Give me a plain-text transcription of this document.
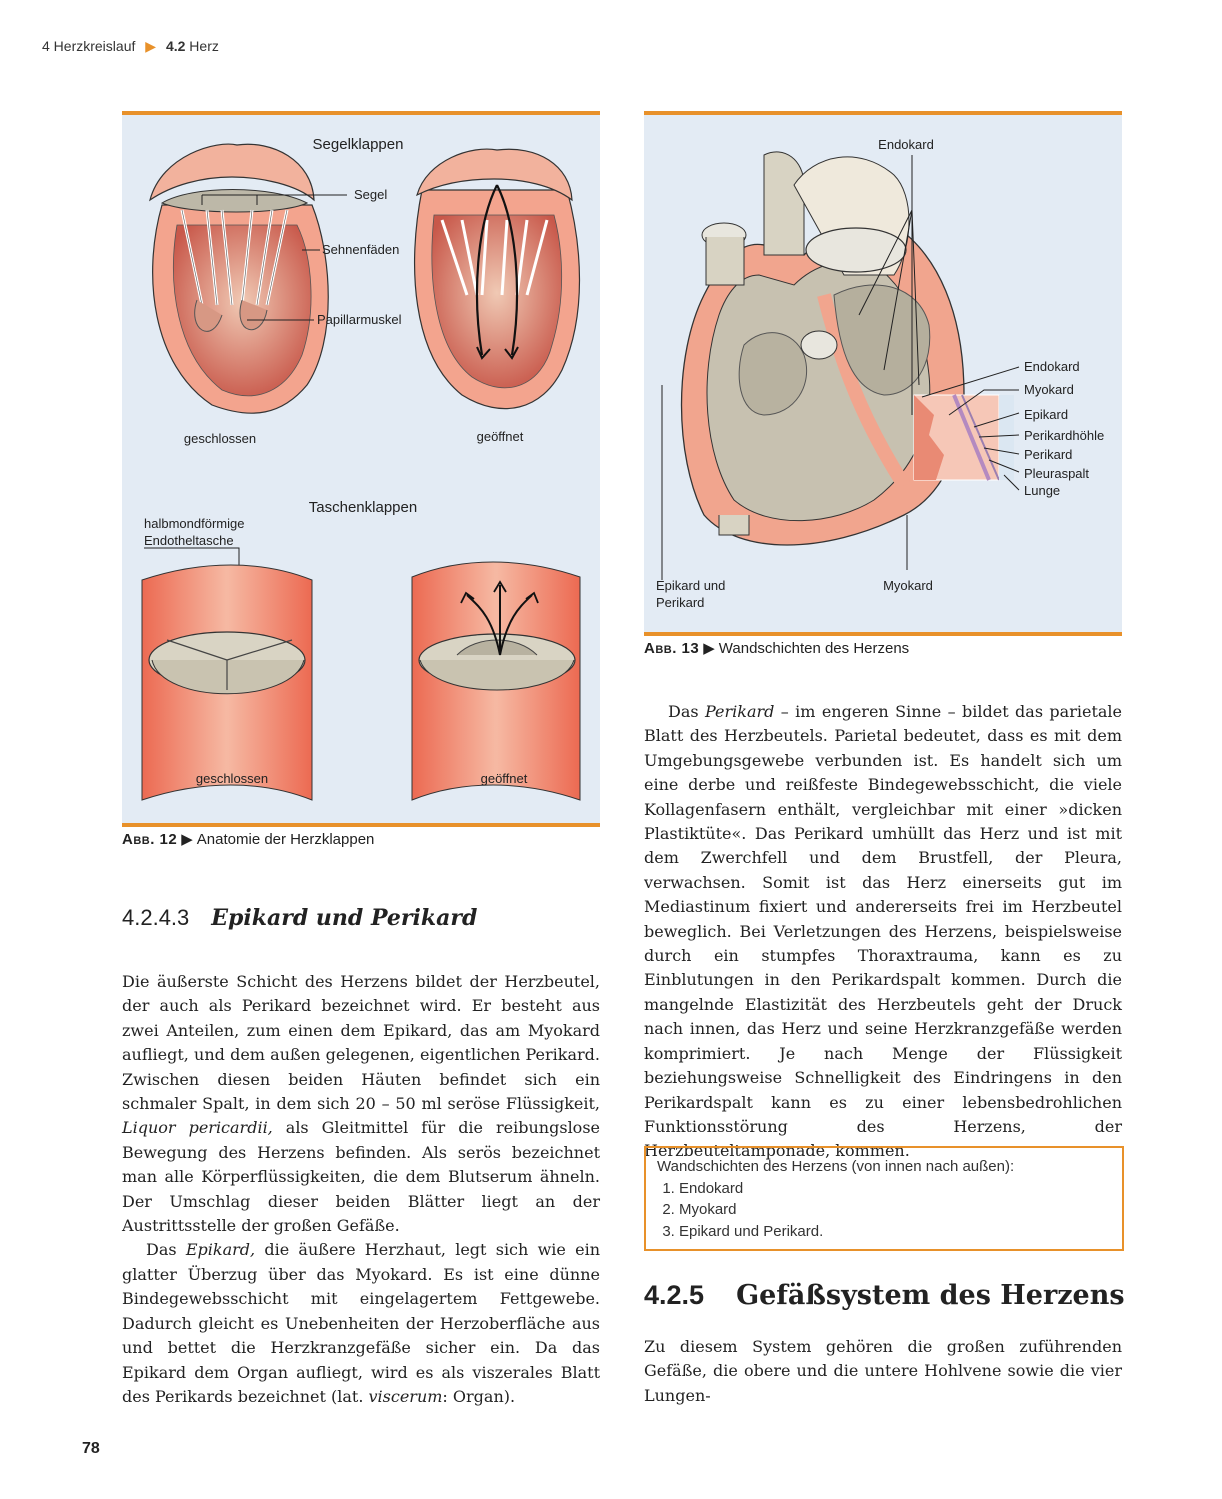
4 Herzkreislauf ▶ 4.2 Herz
Segelklappen
Segel
Sehnenfäden
Papillarmuskel
geschlossen	geöffnet
Taschenklappen
halbmondförmige
Endotheltasche
geschlossen	geöffnet
Abb. 12 ▶ Anatomie der Herzklappen
Endokard
Endokard
Myokard
Epikard
Perikardhöhle
Perikard
Pleuraspalt
Lunge
Epikard und
Perikard
Myokard
Abb. 13 ▶ Wandschichten des Herzens
4.2.4.3 Epikard und Perikard

Die äußerste Schicht des Herzens bildet der Herzbeutel, der auch als Perikard bezeichnet wird. Er besteht aus zwei Anteilen, zum einen dem Epikard, das am Myokard aufliegt, und dem außen gelegenen, eigentlichen Perikard. Zwischen diesen beiden Häuten befindet sich ein schmaler Spalt, in dem sich 20 – 50 ml seröse Flüssigkeit, Liquor pericardii, als Gleitmittel für die reibungslose Bewegung des Herzens befinden. Als serös bezeichnet man alle Körperflüssigkeiten, die dem Blutserum ähneln. Der Umschlag dieser beiden Blätter liegt an der Austrittsstelle der großen Gefäße.

Das Epikard, die äußere Herzhaut, legt sich wie ein glatter Überzug über das Myokard. Es ist eine dünne Bindegewebsschicht mit eingelagertem Fettgewebe. Dadurch gleicht es Unebenheiten der Herzoberfläche aus und bettet die Herzkranzgefäße sicher ein. Da das Epikard dem Organ aufliegt, wird es als viszerales Blatt des Perikards bezeichnet (lat. viscerum: Organ).

Das Perikard – im engeren Sinne – bildet das parietale Blatt des Herzbeutels. Parietal bedeutet, dass es mit dem Umgebungsgewebe verbunden ist. Es handelt sich um eine derbe und reißfeste Bindegewebsschicht, die viele Kollagenfasern enthält, vergleichbar mit einer »dicken Plastiktüte«. Das Perikard umhüllt das Herz und ist mit dem Zwerchfell und dem Brustfell, der Pleura, verwachsen. Somit ist das Herz einerseits gut im Mediastinum fixiert und andererseits frei im Herzbeutel beweglich. Bei Verletzungen des Herzens, beispielsweise durch ein stumpfes Thoraxtrauma, kann es zu Einblutungen in den Perikardspalt kommen. Durch die mangelnde Elastizität des Herzbeutels geht der Druck nach innen, das Herz und seine Herzkranzgefäße werden komprimiert. Je nach Menge der Flüssigkeit beziehungsweise Schnelligkeit des Eindringens in den Perikardspalt kann es zu einer lebensbedrohlichen Funktionsstörung des Herzens, der Herzbeuteltamponade, kommen.

Wandschichten des Herzens (von innen nach außen):
1. Endokard
2. Myokard
3. Epikard und Perikard.
4.2.5 Gefäßsystem des Herzens

Zu diesem System gehören die großen zuführenden Gefäße, die obere und die untere Hohlvene sowie die vier Lungen-

78
